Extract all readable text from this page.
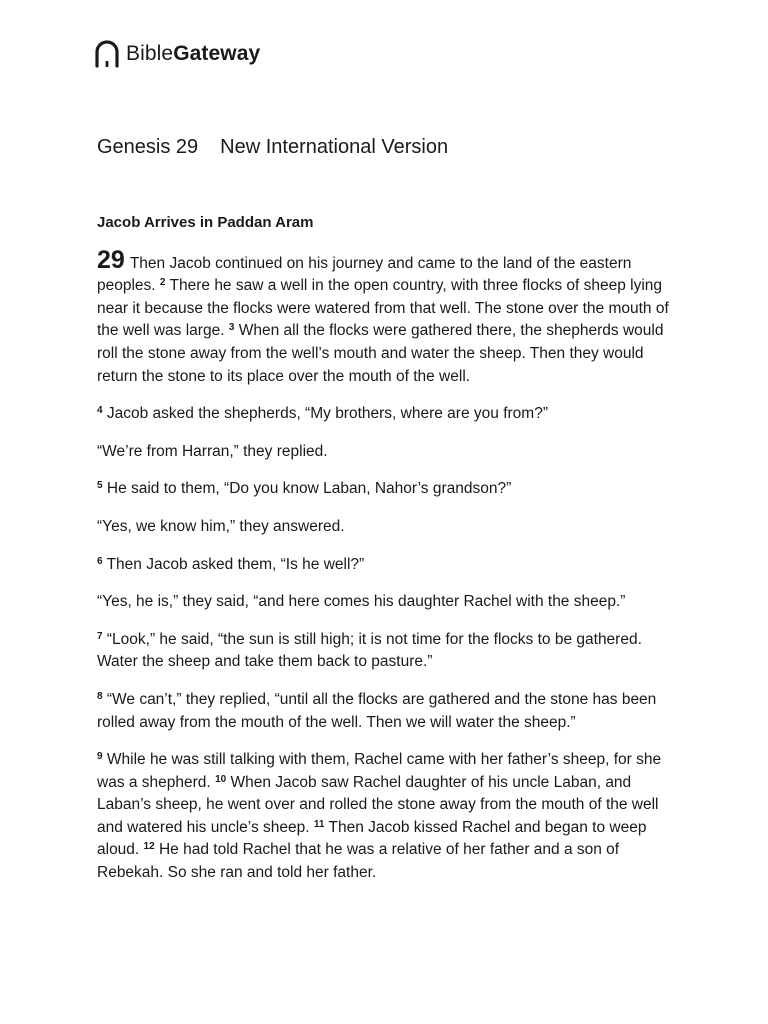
BibleGateway
Genesis 29 New International Version
Jacob Arrives in Paddan Aram

29 Then Jacob continued on his journey and came to the land of the eastern peoples. $^2$ There he saw a well in the open country, with three flocks of sheep lying near it because the flocks were watered from that well. The stone over the mouth of the well was large. $^3$ When all the flocks were gathered there, the shepherds would roll the stone away from the well’s mouth and water the sheep. Then they would return the stone to its place over the mouth of the well.

$^4$ Jacob asked the shepherds, “My brothers, where are you from?”

“We’re from Harran,” they replied.

$^5$ He said to them, “Do you know Laban, Nahor’s grandson?”

“Yes, we know him,” they answered.

$^6$ Then Jacob asked them, “Is he well?”

“Yes, he is,” they said, “and here comes his daughter Rachel with the sheep.”

$^7$ “Look,” he said, “the sun is still high; it is not time for the flocks to be gathered. Water the sheep and take them back to pasture.”

$^8$ “We can’t,” they replied, “until all the flocks are gathered and the stone has been rolled away from the mouth of the well. Then we will water the sheep.”

$^9$ While he was still talking with them, Rachel came with her father’s sheep, for she was a shepherd. $^{10}$ When Jacob saw Rachel daughter of his uncle Laban, and Laban’s sheep, he went over and rolled the stone away from the mouth of the well and watered his uncle’s sheep. $^{11}$ Then Jacob kissed Rachel and began to weep aloud. $^{12}$ He had told Rachel that he was a relative of her father and a son of Rebekah. So she ran and told her father.
